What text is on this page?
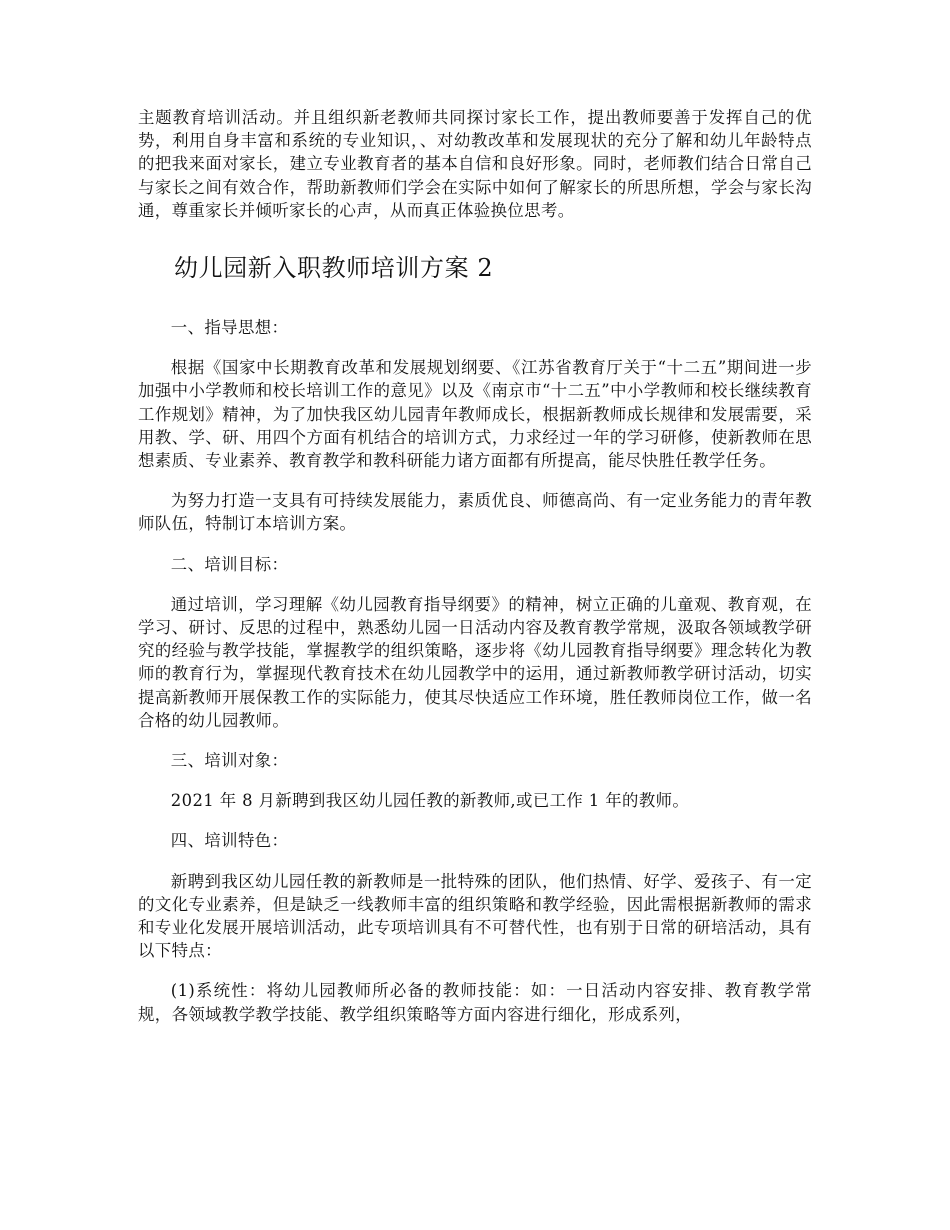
主题教育培训活动。并且组织新老教师共同探讨家长工作，提出教师要善于发挥自己的优势，利用自身丰富和系统的专业知识，、对幼教改革和发展现状的充分了解和幼儿年龄特点的把我来面对家长，建立专业教育者的基本自信和良好形象。同时，老师教们结合日常自己与家长之间有效合作，帮助新教师们学会在实际中如何了解家长的所思所想，学会与家长沟通，尊重家长并倾听家长的心声，从而真正体验换位思考。

幼儿园新入职教师培训方案 2

一、指导思想：

根据《国家中长期教育改革和发展规划纲要、《江苏省教育厅关于“十二五”期间进一步加强中小学教师和校长培训工作的意见》以及《南京市“十二五”中小学教师和校长继续教育工作规划》精神，为了加快我区幼儿园青年教师成长，根据新教师成长规律和发展需要，采用教、学、研、用四个方面有机结合的培训方式，力求经过一年的学习研修，使新教师在思想素质、专业素养、教育教学和教科研能力诸方面都有所提高，能尽快胜任教学任务。

为努力打造一支具有可持续发展能力，素质优良、师德高尚、有一定业务能力的青年教师队伍，特制订本培训方案。

二、培训目标：

通过培训，学习理解《幼儿园教育指导纲要》的精神，树立正确的儿童观、教育观，在学习、研讨、反思的过程中，熟悉幼儿园一日活动内容及教育教学常规，汲取各领域教学研究的经验与教学技能，掌握教学的组织策略，逐步将《幼儿园教育指导纲要》理念转化为教师的教育行为，掌握现代教育技术在幼儿园教学中的运用，通过新教师教学研讨活动，切实提高新教师开展保教工作的实际能力，使其尽快适应工作环境，胜任教师岗位工作，做一名合格的幼儿园教师。

三、培训对象：

2021 年 8 月新聘到我区幼儿园任教的新教师,或已工作 1 年的教师。

四、培训特色：

新聘到我区幼儿园任教的新教师是一批特殊的团队，他们热情、好学、爱孩子、有一定的文化专业素养，但是缺乏一线教师丰富的组织策略和教学经验，因此需根据新教师的需求和专业化发展开展培训活动，此专项培训具有不可替代性，也有别于日常的研培活动，具有以下特点：

(1)系统性：将幼儿园教师所必备的教师技能：如：一日活动内容安排、教育教学常规，各领域教学教学技能、教学组织策略等方面内容进行细化，形成系列，
